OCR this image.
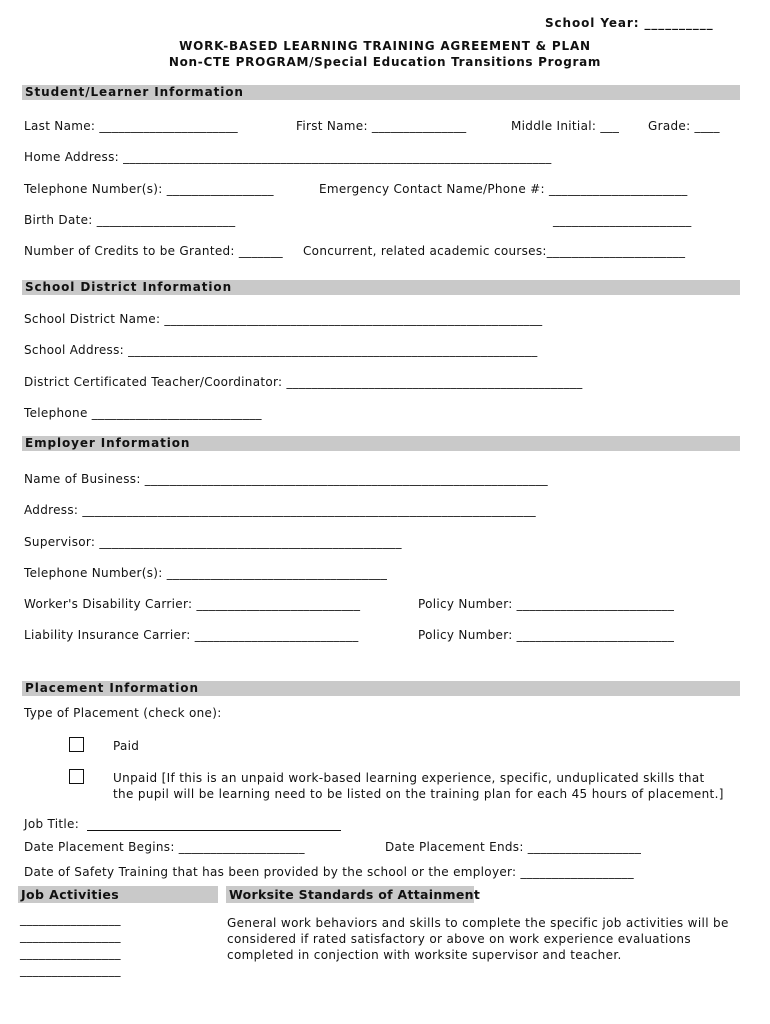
School Year: __________
WORK-BASED LEARNING TRAINING AGREEMENT & PLAN
Non-CTE PROGRAM/Special Education Transitions Program
Student/Learner Information
Last Name: ______________________	First Name: _______________	Middle Initial: ___ Grade: ____
Home Address: ____________________________________________________________________
Telephone Number(s): _________________	Emergency Contact Name/Phone #: ______________________
Birth Date: ______________________	______________________
Number of Credits to be Granted: _______ Concurrent, related academic courses:______________________
School District Information
School District Name: ____________________________________________________________
School Address: _________________________________________________________________
District Certificated Teacher/Coordinator: _______________________________________________
Telephone ___________________________
Employer Information
Name of Business: ________________________________________________________________
Address: ________________________________________________________________________
Supervisor: ________________________________________________
Telephone Number(s): ___________________________________
Worker's Disability Carrier: __________________________	Policy Number: _________________________
Liability Insurance Carrier: __________________________	Policy Number: _________________________
Placement Information
Type of Placement (check one):
Paid
Unpaid [If this is an unpaid work-based learning experience, specific, unduplicated skills that the pupil will be learning need to be listed on the training plan for each 45 hours of placement.]
Job Title:
Date Placement Begins: ____________________	Date Placement Ends: __________________
Date of Safety Training that has been provided by the school or the employer: __________________

Job Activities

________________
________________
________________
________________

Worksite Standards of Attainment

General work behaviors and skills to complete the specific job activities will be considered if rated satisfactory or above on work experience evaluations completed in conjection with worksite supervisor and teacher.
